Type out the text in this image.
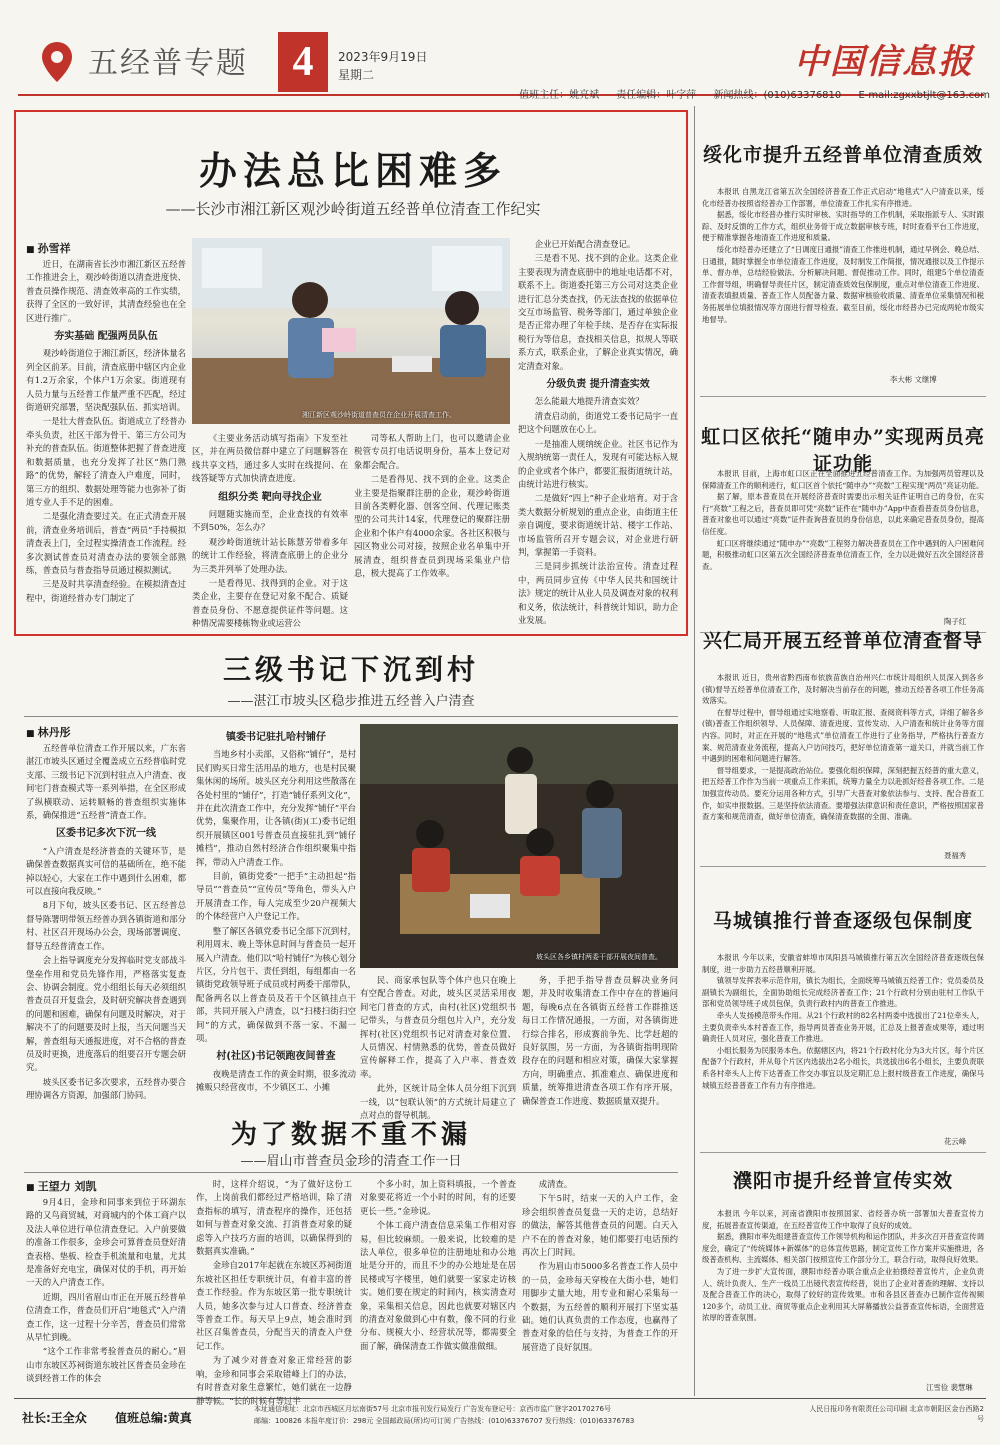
五经普专题	4	2023年9月19日
星期二	中国信息报
值班主任：姚亮斌 责任编辑：叶字萍 新闻热线：(010)63376810 E-mail:zgxxbtjlt@163.com
办法总比困难多
——长沙市湘江新区观沙岭街道五经普单位清查工作纪实
■ 孙雪祥

近日，在湖南省长沙市湘江新区五经普工作推进会上，观沙岭街道以清查进度快、普查员操作规范、清查效率高的工作实绩，获得了全区的一致好评，其清查经验也在全区进行推广。

夯实基础 配强两员队伍

观沙岭街道位于湘江新区，经济体量名列全区前茅。目前，清查底册中辖区内企业有1.2万余家，个体户1万余家。街道现有人员力量与五经普工作量严重不匹配，经过街道研究部署，坚决配强队伍、抓实培训。

一是壮大普查队伍。街道成立了经普办牵头负责，社区干部为骨干、第三方公司为补充的普查队伍。街道整体把握了普查进度和数据质量，也充分发挥了社区“熟门熟路”的优势，解轻了清查入户难度，同时，第三方的组织、数据处理等能力也弥补了街道专业人手不足的困难。

二是强化清查要过关。在正式清查开展前，清查业务培训后，普查“两员”手持模拟清查表上门，全过程实操清查工作流程。经多次测试普查员对清查办法的要领全部熟练，普查员与普查指导员通过模拟测试。

三是及时共享清查经验。在模拟清查过程中，街道经普办专门制定了

湘江新区观沙岭街道普查员在企业开展清查工作。

《主要业务活动填写指南》下发至社区，并在两员微信群中建立了问题解答在线共享文档，通过多人实时在线提问、在线答疑等方式加快清查进度。

组织分类 靶向寻找企业

问题随实施而至，企业查找的有效率不到50%，怎么办？

观沙岭街道统计站长陈慧芳带着多年的统计工作经验，将清查底册上的企业分为三类并列举了处理办法。

一是看得见、找得到的企业。对于这类企业，主要存在登记对象不配合、质疑普查员身份、不愿意提供证件等问题。这种情况需要楼栋物业或运营公

司等私人帮助上门，也可以邀请企业税管专员打电话说明身份，基本上登记对象都会配合。

二是看得见、找不到的企业。这类企业主要是指聚群注册的企业，观沙岭街道目前各类孵化器、创客空间、代理记账类型的公司共计14家，代理登记的聚群注册企业和个体户有4000余家。各社区积极与园区物业公司对接，按照企业名单集中开展清查，组织普查员到现场采集业户信息，极大提高了工作效率。

企业已开始配合清查登记。

三是看不见、找不到的企业。这类企业主要表现为清查底册中的地址电话都不对，联系不上。街道委托第三方公司对这类企业进行汇总分类查找，仍无法查找的依据单位交互市场监管、税务等部门，通过单独企业是否正常办理了年检手续、是否存在实际报税行为等信息，查找相关信息，拟规人等联系方式，联系企业，了解企业真实情况，确定清查对象。

分级负责 提升清查实效

怎么能最大地提升清查实效？

清查启动前，街道党工委书记局宇一直把这个问题放在心上。

一是抽准人规纳统企业。社区书记作为入规纳统第一责任人，发现有可能达标入规的企业或者个体户，都要汇报街道统计站，由统计站进行核实。

二是做好“四上”种子企业培育。对于含类大数据分析规划的重点企业，由街道主任亲自调度，要求街道统计站、楼宇工作站、市场监管所召开专题会议，对企业进行研判，掌握第一手资料。

三是同步抓统计法治宣传。清查过程中，两员同步宣传《中华人民共和国统计法》规定的统计从业人员及调查对象的权利和义务，依法统计，科普统计知识，助力企业发展。

三级书记下沉到村
——湛江市坡头区稳步推进五经普入户清查
■ 林丹彤

五经普单位清查工作开展以来，广东省湛江市坡头区通过全覆盖成立五经普临时党支部、三级书记下沉到村驻点入户清查、夜间宅门普查模式等一系列举措，在全区形成了纵横联动、运转顺畅的普查组织实施体系，确保推进“五经普”清查工作。

区委书记多次下沉一线

“入户清查是经济普查的关键环节，是确保普查数据真实可信的基础所在，绝不能掉以轻心，大家在工作中遇到什么困难，都可以直接向我反映。”

8月下旬，坡头区委书记、区五经普总督导陈署明带领五经普办到各镇街道和部分村、社区召开现场办公会，现场部署调度、督导五经普清查工作。

会上指导调度充分发挥临时党支部战斗堡垒作用和党员先锋作用，严格落实复查会、协调会制度。党小组组长每天必须组织普查员召开复盘会，及时研究解决普查遇到的问题和困难，确保有问题及时解决，对于解决不了的问题要及时上报，当天问题当天解，普查组每天通报进度，对不合格的普查员及时更换，进度落后的组要召开专题会研究。

坡头区委书记多次要求，五经普办要合理协调各方资源，加强部门协同。

镇委书记驻扎哈村铺仔

当地乡村小卖部，又俗称“铺仔”，是村民们购买日常生活用品的地方，也是村民聚集休闲的场所。坡头区充分利用这些散落在各处村里的“铺仔”，打造“铺仔系列文化”，并在此次清查工作中，充分发挥“铺仔”平台优势，集聚作用，让各镇(街)(工)委书记组织开展镇区001号普查员直接驻扎到“铺仔摊档”，推动自然村经济合作组织聚集中指挥，带动入户清查工作。

目前，镇街党委“一把手”主动担起“指导员”“普查员”“宣传员”等角色，带头入户开展清查工作，每人完成至少20户视频大的个体经营户入户登记工作。

整了解区各镇党委书记全部下沉到村，利用周末、晚上等休息时间与普查员一起开展入户清查。他们以“哈村铺仔”为核心划分片区，分片包干、责任到组，每组都由一名镇街党政领导班子成员或村两委干部带队，配备两名以上普查员及若干个区镇挂点干部，共同开展入户清查，以“扫楼扫街扫空间”的方式，确保做到不落一家、不漏一项。

村(社区)书记领跑夜间普查

夜晚是清查工作的黄金时期，很多流动摊贩只经营夜市，不少镇区工、小摊

坡头区各乡镇村两委干部开展夜间普查。

民、商家承包队等个体户也只在晚上有空配合普查。对此，坡头区灵活采用夜间宅门普查的方式，由村(社区)党组织书记带头，与普查员分组包片入户，充分发挥村(社区)党组织书记对清查对象位置、人员情况、村情熟悉的优势，普查员做好宣传解释工作，提高了入户率、普查效率。

此外，区统计局全体人员分组下沉到一线，以“包联认领”的方式统计局建立了点对点的督导机制。

务，手把手指导普查员解决业务问题，并及时收集清查工作中存在的普遍问题，每晚6点在各镇街五经普工作群推送每日工作情况通报，一方面，对各镇街进行综合排名，形成赛前争先、比学赶超的良好氛围，另一方面，为各镇街指明现阶段存在的问题和相应对策，确保大家掌握方向，明确重点、抓准难点、确保进度和质量，统筹推进清查各项工作有序开展，确保普查工作进度、数据质量双提升。

为了数据不重不漏
——眉山市普查员金珍的清查工作一日
■ 王望力 刘凯

9月4日，金珍和同事来到位于环湖东路的又鸟商贸城，对商城内的个体工商户以及法人单位进行单位清查登记。入户前要做的准备工作很多，金珍会可算普查员登好清查表格、垫板、检查手机流量和电量，尤其是准备好充电宝，确保对仗的手机，再开始一天的入户清查工作。

近期，四川省眉山市正在开展五经普单位清查工作，普查员们开启“地毯式”入户清查工作，这一过程十分辛苦，普查员们常常从早忙到晚。

“这个工作非常考验普查员的耐心。”眉山市东坡区苏祠街道东坡社区普查员金珍在谈到经普工作的体会

时，这样介绍说，“为了做好这份工作，上岗前我们都经过严格培训，除了清查指标的填写，清查程序的操作，还包括如何与普查对象交流、打消普查对象的疑虑等入户技巧方面的培训，以确保得到的数据真实准确。”

金珍自2017年起就在东坡区苏祠街道东坡社区担任专职统计员，有着丰富的普查工作经验。作为东坡区第一批专职统计人员，她多次参与过人口普查、经济普查等普查工作。每天早上9点，她会准时到社区召集普查员，分配当天的清查入户登记工作。

为了减少对普查对象正常经营的影响，金珍和同事会采取错峰上门的办法，有时普查对象生意繁忙，她们就在一边静静等候。“长的时候有等过半

个多小时，加上资料填报，一个普查对象要花将近一个小时的时间，有的还要更长一些。”金珍说。

个体工商户清查信息采集工作相对容易，但比较麻烦。一般来说，比较难的是法人单位，很多单位的注册地址和办公地址是分开的，而且不少的办公地址是在居民楼或写字楼里，她们就要一家家走访核实。她们要在规定的时间内，核实清查对象，采集相关信息，因此也就要对辖区内的清查对象做到心中有数，像不同的行业分布、规模大小、经营状况等，都需要全面了解，确保清查工作做实做准做细。

成清查。

下午5时，结束一天的入户工作，金珍会组织普查员复盘一天的走访，总结好的做法，解答其他普查员的问题。白天入户不在的普查对象，她们都要打电话预约再次上门时间。

作为眉山市5000多名普查工作人员中的一员，金珍每天穿梭在大街小巷，她们用脚步丈量大地，用专业和耐心采集每一个数据，为五经普的顺利开展打下坚实基础。她们认真负责的工作态度，也赢得了普查对象的信任与支持，为普查工作的开展营造了良好氛围。

绥化市提升五经普单位清查质效

本报讯 自黑龙江省第五次全国经济普查工作正式启动“地毯式”入户清查以来，绥化市经普办按照省经普办工作部署，单位清查工作扎实有序推进。

据悉，绥化市经普办推行实时审核、实时指导的工作机制，采取指派专人、实时跟踪、及时反馈的工作方式，组织业务骨干成立数据审核专班，时时查看平台工作进度，便于精准掌握各地清查工作进度和质量。

绥化市经普办还建立了“日调度日通报”清查工作推进机制，通过早例会、晚总结、日通报，随时掌握全市单位清查工作进度，及时制发工作简报，情况通报以及工作提示单、督办单，总结经验做法、分析解决问题、督促推动工作。同时，组建5个单位清查工作督导组，明确督导责任片区，制定清查质效包保制度，重点对单位清查工作进度、清查表填报质量、普查工作人员配备力量、数据审核验收质量、清查单位采集情况和税务拓展单位填报情况等方面进行督导检查。截至目前，绥化市经普办已完成两轮市级实地督导。

李大彬 文继博
虹口区依托“随申办”实现两员亮证功能

本报讯 目前，上海市虹口区正在全面推进五经普清查工作。为加强两员管理以及保障清查工作的顺利进行，虹口区首个依托“随申办”“亮数”工程实现“两员”亮证功能。

据了解，原本普查员在开展经济普查时需要出示相关证件证明自己的身份，在实行“亮数”工程之后，普查员即可凭“亮数”证件在“随申办”App中查看普查员身份信息，普查对象也可以通过“亮数”证件查询普查员的身份信息，以此来确定普查员身份，提高信任度。

虹口区将继续通过“随申办”“亮数”工程努力解决普查员在工作中遇到的入户困难问题，积极推动虹口区第五次全国经济普查单位清查工作，全力以赴做好五次全国经济普查。

陶子红
兴仁局开展五经普单位清查督导

本报讯 近日，贵州省黔西南布依族苗族自治州兴仁市统计局组织人员深入到各乡(镇)督导五经普单位清查工作，及时解决当前存在的问题，推动五经普各项工作任务高效落实。

在督导过程中，督导组通过实地察看、听取汇报、查阅资料等方式，详细了解各乡(镇)普查工作组织领导、人员保障、清查进度、宣传发动、入户清查和统计业务等方面内容。同时，对正在开展的“地毯式”单位清查工作进行了业务指导，严格执行普查方案、规范清查业务流程，提高入户访问技巧，把好单位清查第一道关口，并就当前工作中遇到的困难和问题进行解答。

督导组要求，一是提高政治站位。要强化组织保障，深刻把握五经普的重大意义，把五经普工作作为当前一项重点工作来抓，统筹力量全力以赴抓好经普各项工作。二是加强宣传动员。要充分运用各种方式，引导广大普查对象依法参与、支持、配合普查工作，如实申报数据。三是坚持依法清查。要增强法律意识和责任意识，严格按照国家普查方案和规范清查，做好单位清查，确保清查数据的全面、准确。

聂福秀
马城镇推行普查逐级包保制度

本报讯 今年以来，安徽省蚌埠市凤阳县马城镇推行第五次全国经济普查逐级包保制度，进一步助力五经普顺利开展。

镇领导发挥表率示范作用，镇长为组长，全面统筹马城镇五经普工作；党员委员及副镇长为副组长，全面协助组长完成经济普查工作；21个行政村分别由驻村工作队干部和党员领导班子成员包保，负责行政村内的普查工作推进。

牵头人发扬模范带头作用。从21个行政村的82名村两委中选拔出了21位牵头人，主要负责牵头本村普查工作，指导两员普查业务开展，汇总及上报普查成果等，通过明确责任人员对应，强化普查工作推进。

小组长服务为民服务本色。依据辖区内，将21个行政村化分为3大片区，每个片区配备7个行政村，并从每个片区内选拔出2名小组长，共选拔出6名小组长，主要负责联系各村牵头人上传下达普查工作交办事宜以及定期汇总上报村级普查工作进度，确保马城镇五经普普查工作有力有序推进。

花云峰
濮阳市提升经普宣传实效

本报讯 今年以来，河南省濮阳市按照国家、省经普办统一部署加大普查宣传力度，拓展普查宣传渠道，在五经普宣传工作中取得了良好的成效。

据悉，濮阳市率先组建普查宣传工作领导机构和运作团队，并多次召开普查宣传调度会，确定了“传统媒体+新媒体”的总体宣传思路，制定宣传工作方案并实施推进，各级普查机构、主流媒体、相关部门按照宣传工作部分分工，联合行动，取得良好效果。

为了进一步扩大宣传面，濮阳市经普办联合重点企业拍摄经普宣传片，企业负责人、统计负责人、生产一线员工出镜代表宣传经普，说出了企业对普查的理解、支持以及配合普查工作的决心，取得了较好的宣传效果。市和各县区普查办已制作宣传视频120多个，动员工业、商贸等重点企业利用其大屏幕播放公益普查宣传标语，全面营造浓厚的普查氛围。

江雪俭 裴慧琳
社长:王全众 值班总编:黄真
本址通信地址：北京市西城区月坛南街57号 北京市报刊发行局发行 广告发布登记号：京西市监广登字20170276号
邮编：100826 本报年度订价：298元 全国邮政局(所)均可订阅 广告热线：(010)63376707 发行热线：(010)63376783
人民日报印务有限责任公司印刷 北京市朝阳区金台西路2号
